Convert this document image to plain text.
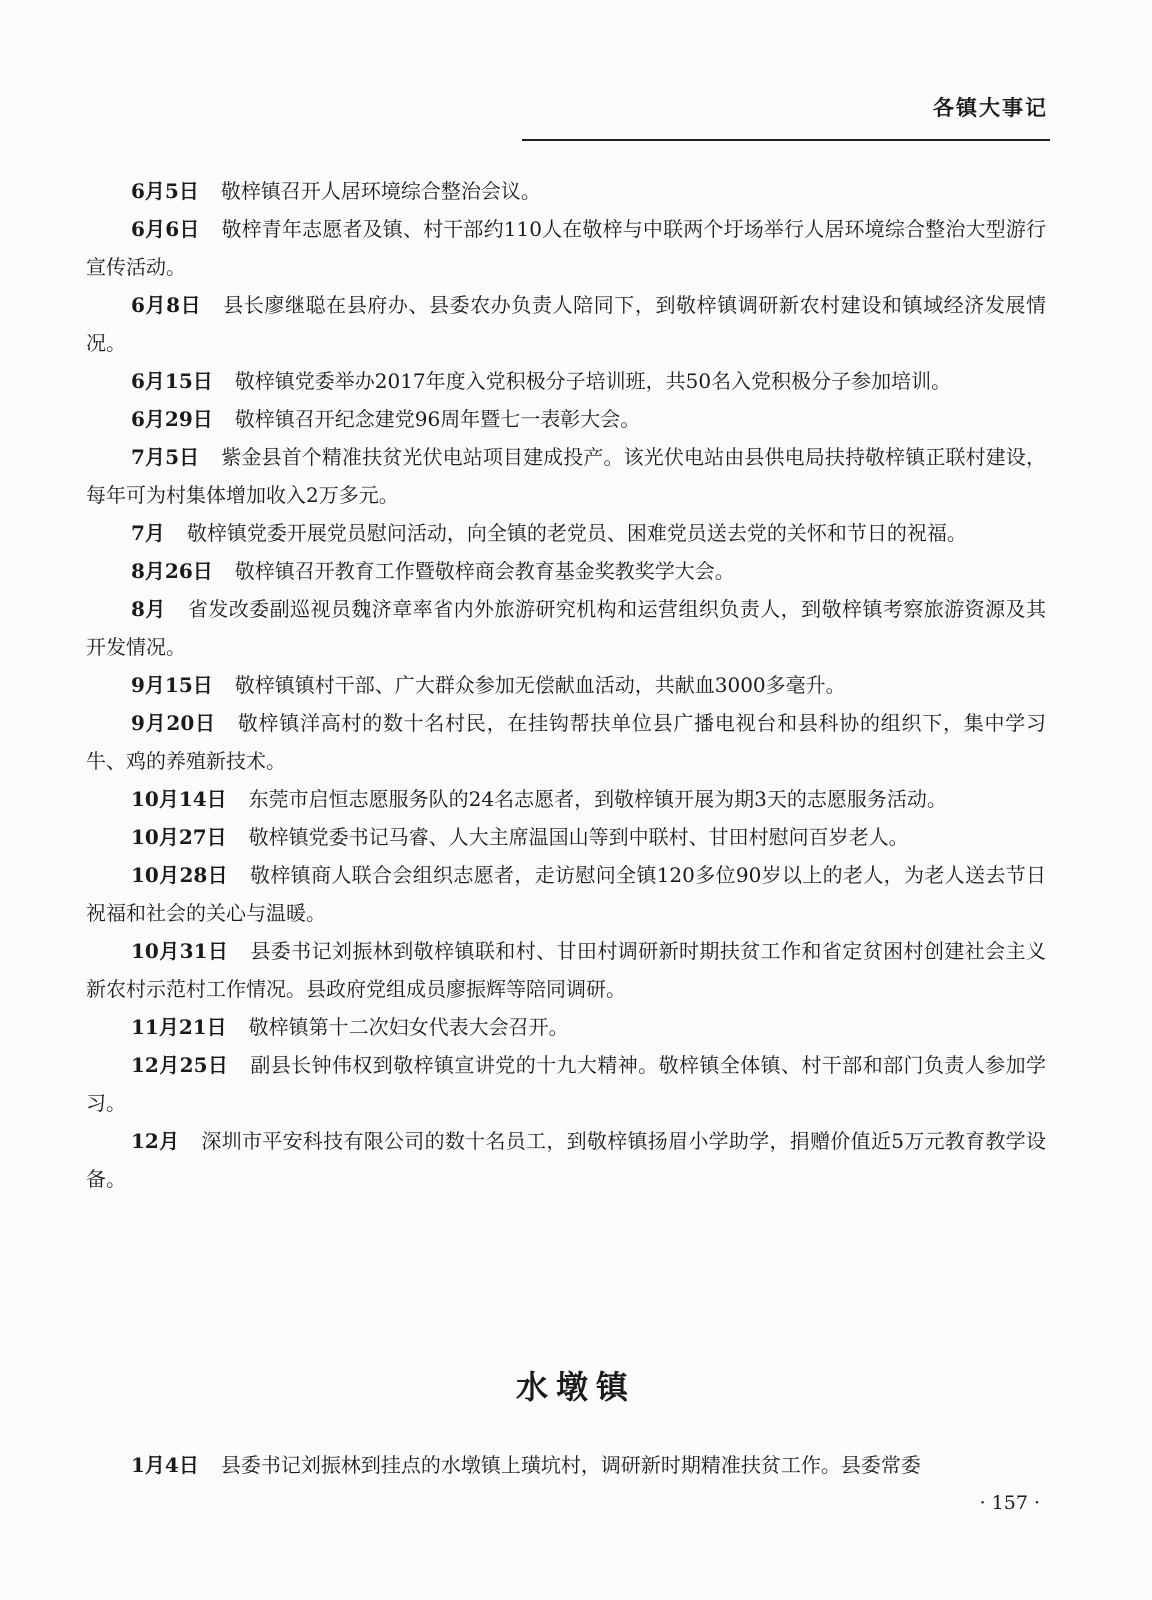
各镇大事记

6月5日 敬梓镇召开人居环境综合整治会议。

6月6日 敬梓青年志愿者及镇、村干部约110人在敬梓与中联两个圩场举行人居环境综合整治大型游行宣传活动。

6月8日 县长廖继聪在县府办、县委农办负责人陪同下，到敬梓镇调研新农村建设和镇域经济发展情况。

6月15日 敬梓镇党委举办2017年度入党积极分子培训班，共50名入党积极分子参加培训。

6月29日 敬梓镇召开纪念建党96周年暨七一表彰大会。

7月5日 紫金县首个精准扶贫光伏电站项目建成投产。该光伏电站由县供电局扶持敬梓镇正联村建设，每年可为村集体增加收入2万多元。

7月 敬梓镇党委开展党员慰问活动，向全镇的老党员、困难党员送去党的关怀和节日的祝福。

8月26日 敬梓镇召开教育工作暨敬梓商会教育基金奖教奖学大会。

8月 省发改委副巡视员魏济章率省内外旅游研究机构和运营组织负责人，到敬梓镇考察旅游资源及其开发情况。

9月15日 敬梓镇镇村干部、广大群众参加无偿献血活动，共献血3000多毫升。

9月20日 敬梓镇洋高村的数十名村民，在挂钩帮扶单位县广播电视台和县科协的组织下，集中学习牛、鸡的养殖新技术。

10月14日 东莞市启恒志愿服务队的24名志愿者，到敬梓镇开展为期3天的志愿服务活动。

10月27日 敬梓镇党委书记马睿、人大主席温国山等到中联村、甘田村慰问百岁老人。

10月28日 敬梓镇商人联合会组织志愿者，走访慰问全镇120多位90岁以上的老人，为老人送去节日祝福和社会的关心与温暖。

10月31日 县委书记刘振林到敬梓镇联和村、甘田村调研新时期扶贫工作和省定贫困村创建社会主义新农村示范村工作情况。县政府党组成员廖振辉等陪同调研。

11月21日 敬梓镇第十二次妇女代表大会召开。

12月25日 副县长钟伟权到敬梓镇宣讲党的十九大精神。敬梓镇全体镇、村干部和部门负责人参加学习。

12月 深圳市平安科技有限公司的数十名员工，到敬梓镇扬眉小学助学，捐赠价值近5万元教育教学设备。

水墩镇

1月4日 县委书记刘振林到挂点的水墩镇上璜坑村，调研新时期精准扶贫工作。县委常委

· 157 ·
